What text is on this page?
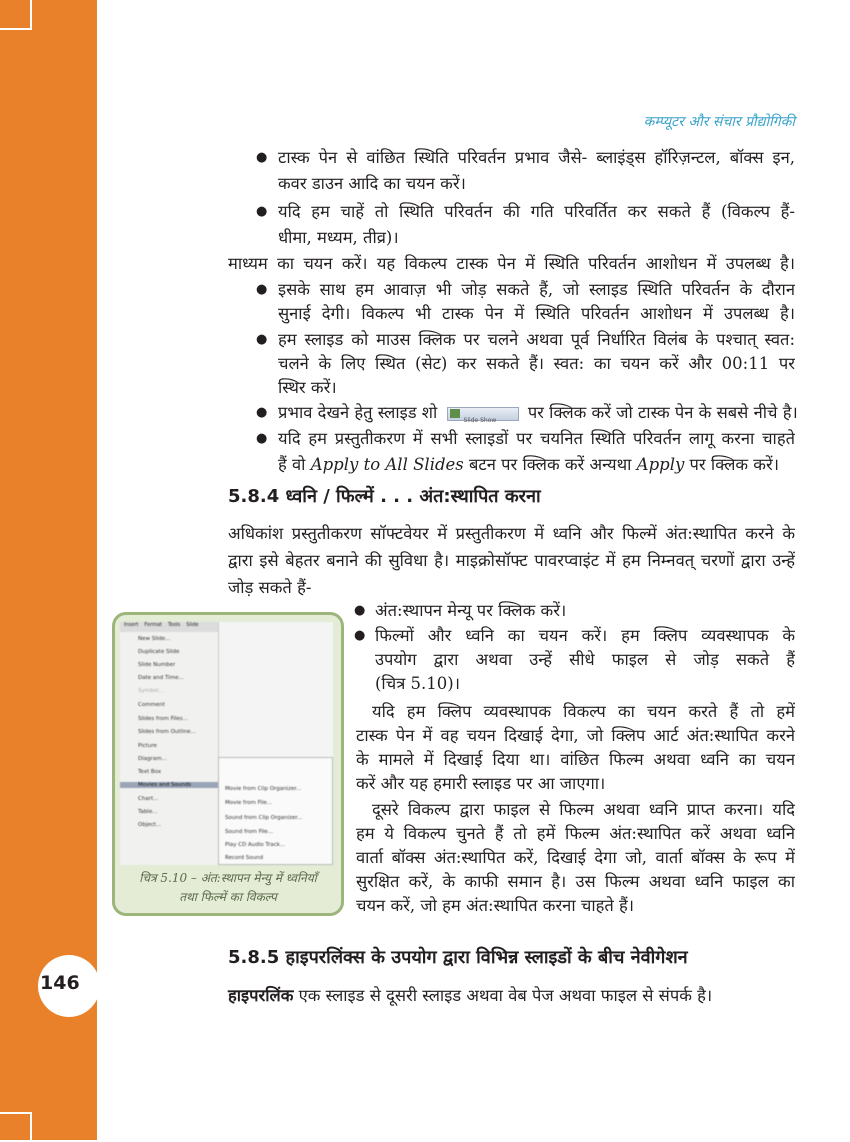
कम्प्यूटर और संचार प्रौद्योगिकी
● टास्क पेन से वांछित स्थिति परिवर्तन प्रभाव जैसे- ब्लाइंड्स हॉरिज़न्टल, बॉक्स इन,
कवर डाउन आदि का चयन करें।
● यदि हम चाहें तो स्थिति परिवर्तन की गति परिवर्तित कर सकते हैं (विकल्प हैं-
धीमा, मध्यम, तीव्र)।
माध्यम का चयन करें। यह विकल्प टास्क पेन में स्थिति परिवर्तन आशोधन में उपलब्ध है।
● इसके साथ हम आवाज़ भी जोड़ सकते हैं, जो स्लाइड स्थिति परिवर्तन के दौरान
सुनाई देगी। विकल्प भी टास्क पेन में स्थिति परिवर्तन आशोधन में उपलब्ध है।
● हम स्लाइड को माउस क्लिक पर चलने अथवा पूर्व निर्धारित विलंब के पश्चात् स्वत:
चलने के लिए स्थित (सेट) कर सकते हैं। स्वत: का चयन करें और 00:11 पर
स्थिर करें।
● प्रभाव देखने हेतु स्लाइड शो	Slide Show पर क्लिक करें जो टास्क पेन के सबसे नीचे है।
● यदि हम प्रस्तुतीकरण में सभी स्लाइडों पर चयनित स्थिति परिवर्तन लागू करना चाहते
हैं वो Apply to All Slides बटन पर क्लिक करें अन्यथा Apply पर क्लिक करें।
5.8.4 ध्वनि / फिल्में . . . अंत:स्थापित करना
अधिकांश प्रस्तुतीकरण सॉफ्टवेयर में प्रस्तुतीकरण में ध्वनि और फिल्में अंत:स्थापित करने के
द्वारा इसे बेहतर बनाने की सुविधा है। माइक्रोसॉफ्ट पावरप्वाइंट में हम निम्नवत् चरणों द्वारा उन्हें
जोड़ सकते हैं-
● अंत:स्थापन मेन्यू पर क्लिक करें।
● फिल्मों और ध्वनि का चयन करें। हम क्लिप व्यवस्थापक के
उपयोग द्वारा अथवा उन्हें सीधे फाइल से जोड़ सकते हैं
(चित्र 5.10)।
यदि हम क्लिप व्यवस्थापक विकल्प का चयन करते हैं तो हमें
टास्क पेन में वह चयन दिखाई देगा, जो क्लिप आर्ट अंत:स्थापित करने
के मामले में दिखाई दिया था। वांछित फिल्म अथवा ध्वनि का चयन
करें और यह हमारी स्लाइड पर आ जाएगा।
दूसरे विकल्प द्वारा फाइल से फिल्म अथवा ध्वनि प्राप्त करना। यदि
हम ये विकल्प चुनते हैं तो हमें फिल्म अंत:स्थापित करें अथवा ध्वनि
वार्ता बॉक्स अंत:स्थापित करें, दिखाई देगा जो, वार्ता बॉक्स के रूप में
सुरक्षित करें, के काफी समान है। उस फिल्म अथवा ध्वनि फाइल का
चयन करें, जो हम अंत:स्थापित करना चाहते हैं।
Insert Format Tools Slide
New Slide...
Duplicate Slide
Slide Number
Date and Time...
Symbol...
Comment
Slides from Files...
Slides from Outline...
Picture
Diagram...
Text Box
Movies and Sounds
Chart...
Table...
Object...
Movie from Clip Organizer...
Movie from File...
Sound from Clip Organizer...
Sound from File...
Play CD Audio Track...
Record Sound
चित्र 5.10 – अंत:स्थापन मेन्यु में ध्वनियाँ
तथा फिल्में का विकल्प
146
5.8.5 हाइपरलिंक्स के उपयोग द्वारा विभिन्न स्लाइडों के बीच नेवीगेशन
हाइपरलिंक एक स्लाइड से दूसरी स्लाइड अथवा वेब पेज अथवा फाइल से संपर्क है।
